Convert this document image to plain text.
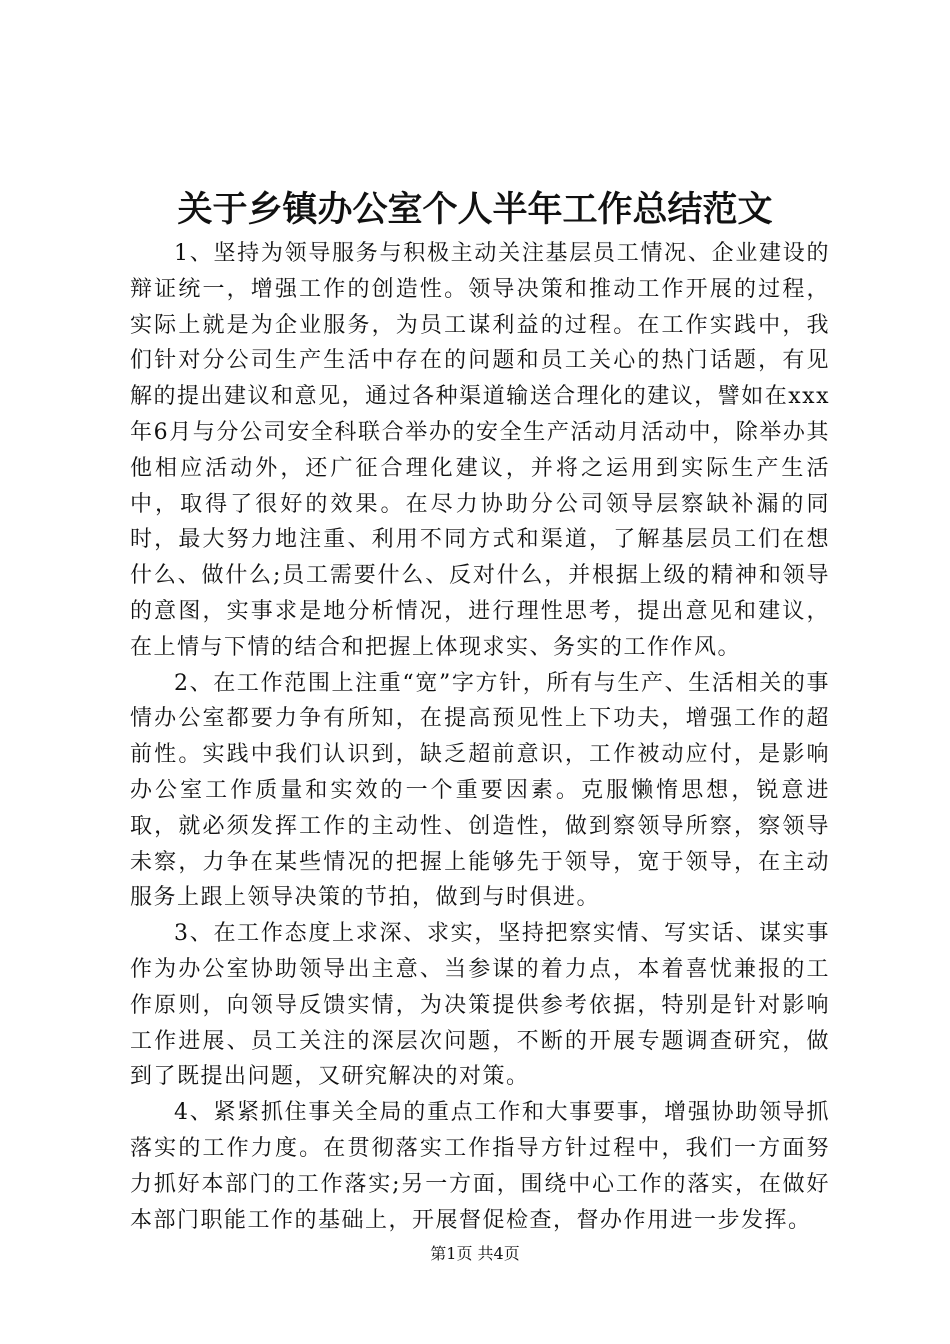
关于乡镇办公室个人半年工作总结范文

1、坚持为领导服务与积极主动关注基层员工情况、企业建设的辩证统一，增强工作的创造性。领导决策和推动工作开展的过程，实际上就是为企业服务，为员工谋利益的过程。在工作实践中，我们针对分公司生产生活中存在的问题和员工关心的热门话题，有见解的提出建议和意见，通过各种渠道输送合理化的建议，譬如在xxx年6月与分公司安全科联合举办的安全生产活动月活动中，除举办其他相应活动外，还广征合理化建议，并将之运用到实际生产生活中，取得了很好的效果。在尽力协助分公司领导层察缺补漏的同时，最大努力地注重、利用不同方式和渠道，了解基层员工们在想什么、做什么;员工需要什么、反对什么，并根据上级的精神和领导的意图，实事求是地分析情况，进行理性思考，提出意见和建议，在上情与下情的结合和把握上体现求实、务实的工作作风。

2、在工作范围上注重“宽”字方针，所有与生产、生活相关的事情办公室都要力争有所知，在提高预见性上下功夫，增强工作的超前性。实践中我们认识到，缺乏超前意识，工作被动应付，是影响办公室工作质量和实效的一个重要因素。克服懒惰思想，锐意进取，就必须发挥工作的主动性、创造性，做到察领导所察，察领导未察，力争在某些情况的把握上能够先于领导，宽于领导，在主动服务上跟上领导决策的节拍，做到与时俱进。

3、在工作态度上求深、求实，坚持把察实情、写实话、谋实事作为办公室协助领导出主意、当参谋的着力点，本着喜忧兼报的工作原则，向领导反馈实情，为决策提供参考依据，特别是针对影响工作进展、员工关注的深层次问题，不断的开展专题调查研究，做到了既提出问题，又研究解决的对策。

4、紧紧抓住事关全局的重点工作和大事要事，增强协助领导抓落实的工作力度。在贯彻落实工作指导方针过程中，我们一方面努力抓好本部门的工作落实;另一方面，围绕中心工作的落实，在做好本部门职能工作的基础上，开展督促检查，督办作用进一步发挥。

第1页 共4页
